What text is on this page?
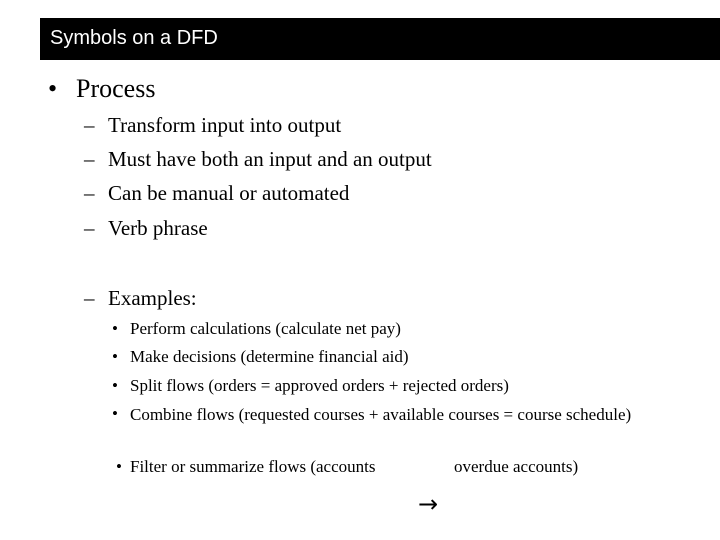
Symbols on a DFD
• Process
– Transform input into output
– Must have both an input and an output
– Can be manual or automated
– Verb phrase
– Examples:
• Perform calculations (calculate net pay)
• Make decisions (determine financial aid)
• Split flows (orders = approved orders + rejected orders)
• Combine flows (requested courses + available courses = course schedule)
• Filter or summarize flows (accounts	overdue accounts)
→
